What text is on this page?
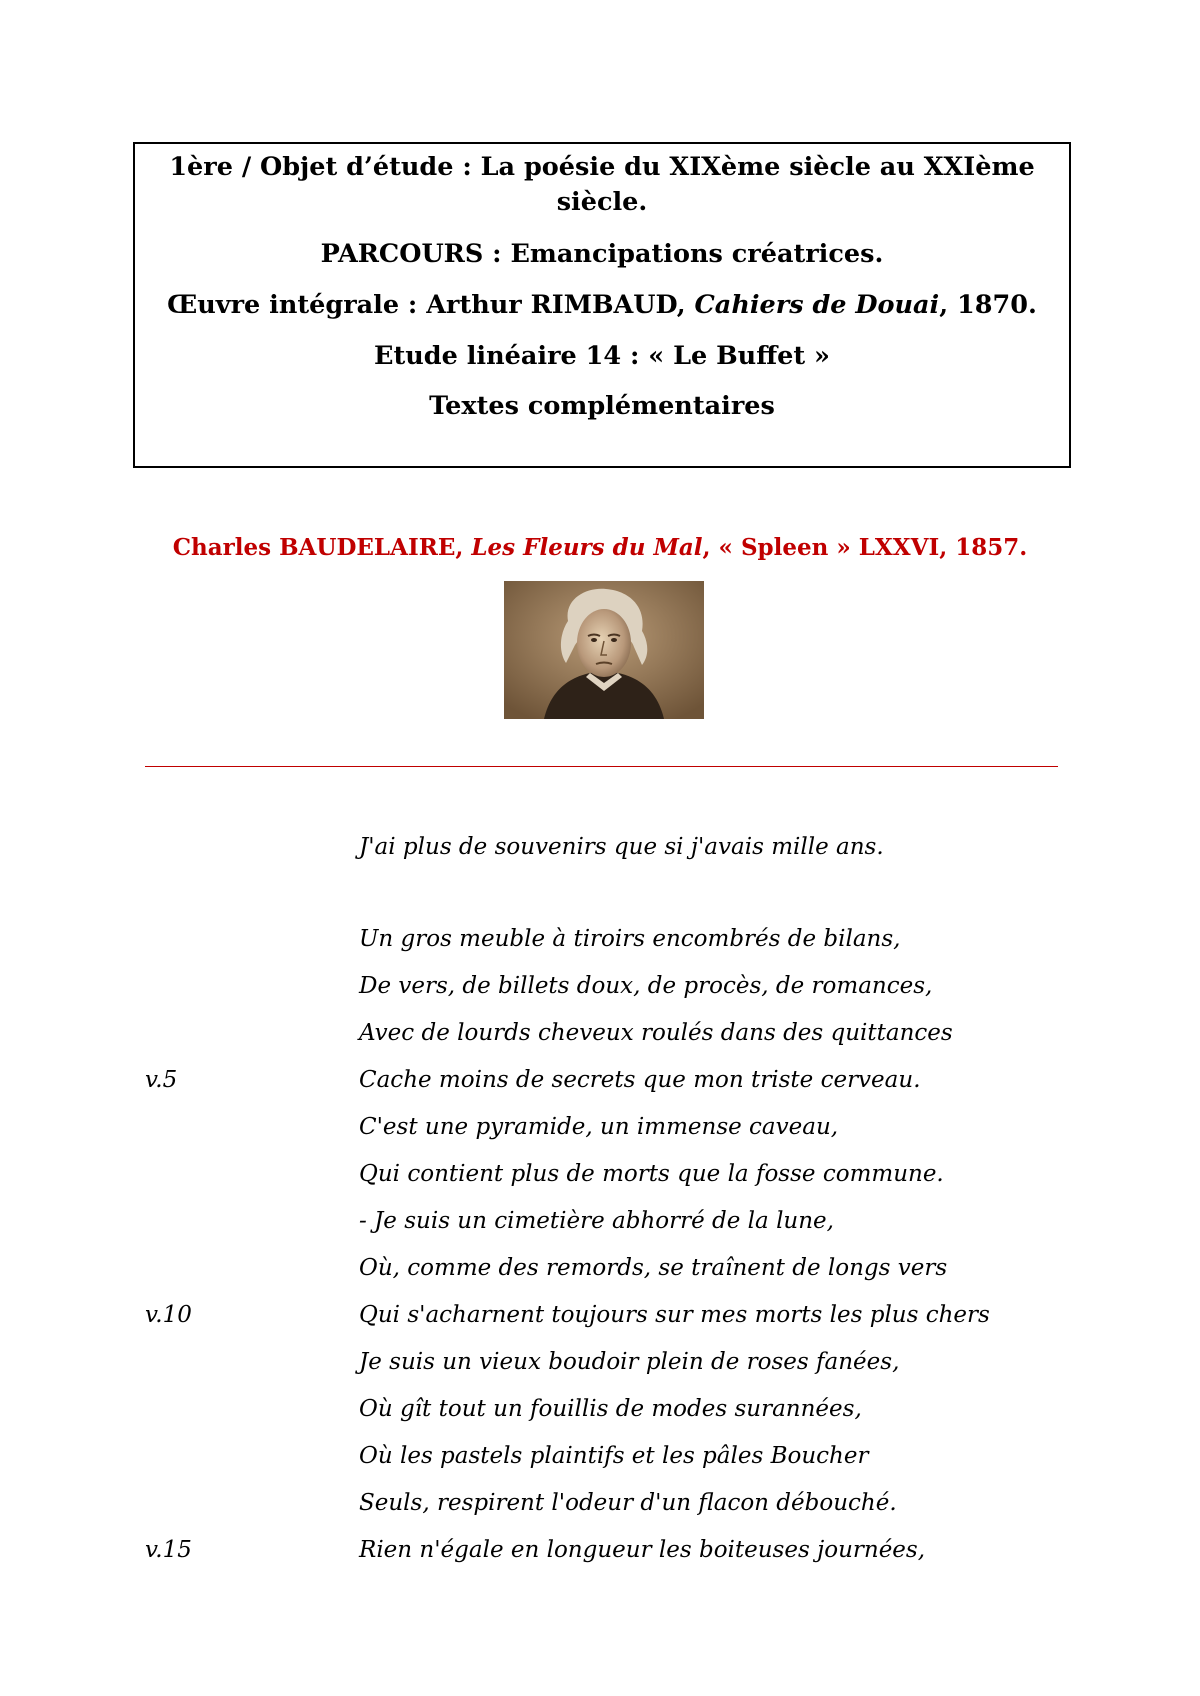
1ère / Objet d’étude : La poésie du XIXème siècle au XXIème siècle.

PARCOURS : Emancipations créatrices.

Œuvre intégrale : Arthur RIMBAUD, Cahiers de Douai, 1870.

Etude linéaire 14 : « Le Buffet »

Textes complémentaires

Charles BAUDELAIRE, Les Fleurs du Mal, « Spleen » LXXVI, 1857.
J'ai plus de souvenirs que si j'avais mille ans.
Un gros meuble à tiroirs encombrés de bilans,
De vers, de billets doux, de procès, de romances,
Avec de lourds cheveux roulés dans des quittances
v.5	Cache moins de secrets que mon triste cerveau.
C'est une pyramide, un immense caveau,
Qui contient plus de morts que la fosse commune.
- Je suis un cimetière abhorré de la lune,
Où, comme des remords, se traînent de longs vers
v.10	Qui s'acharnent toujours sur mes morts les plus chers
Je suis un vieux boudoir plein de roses fanées,
Où gît tout un fouillis de modes surannées,
Où les pastels plaintifs et les pâles Boucher
Seuls, respirent l'odeur d'un flacon débouché.
v.15	Rien n'égale en longueur les boiteuses journées,
